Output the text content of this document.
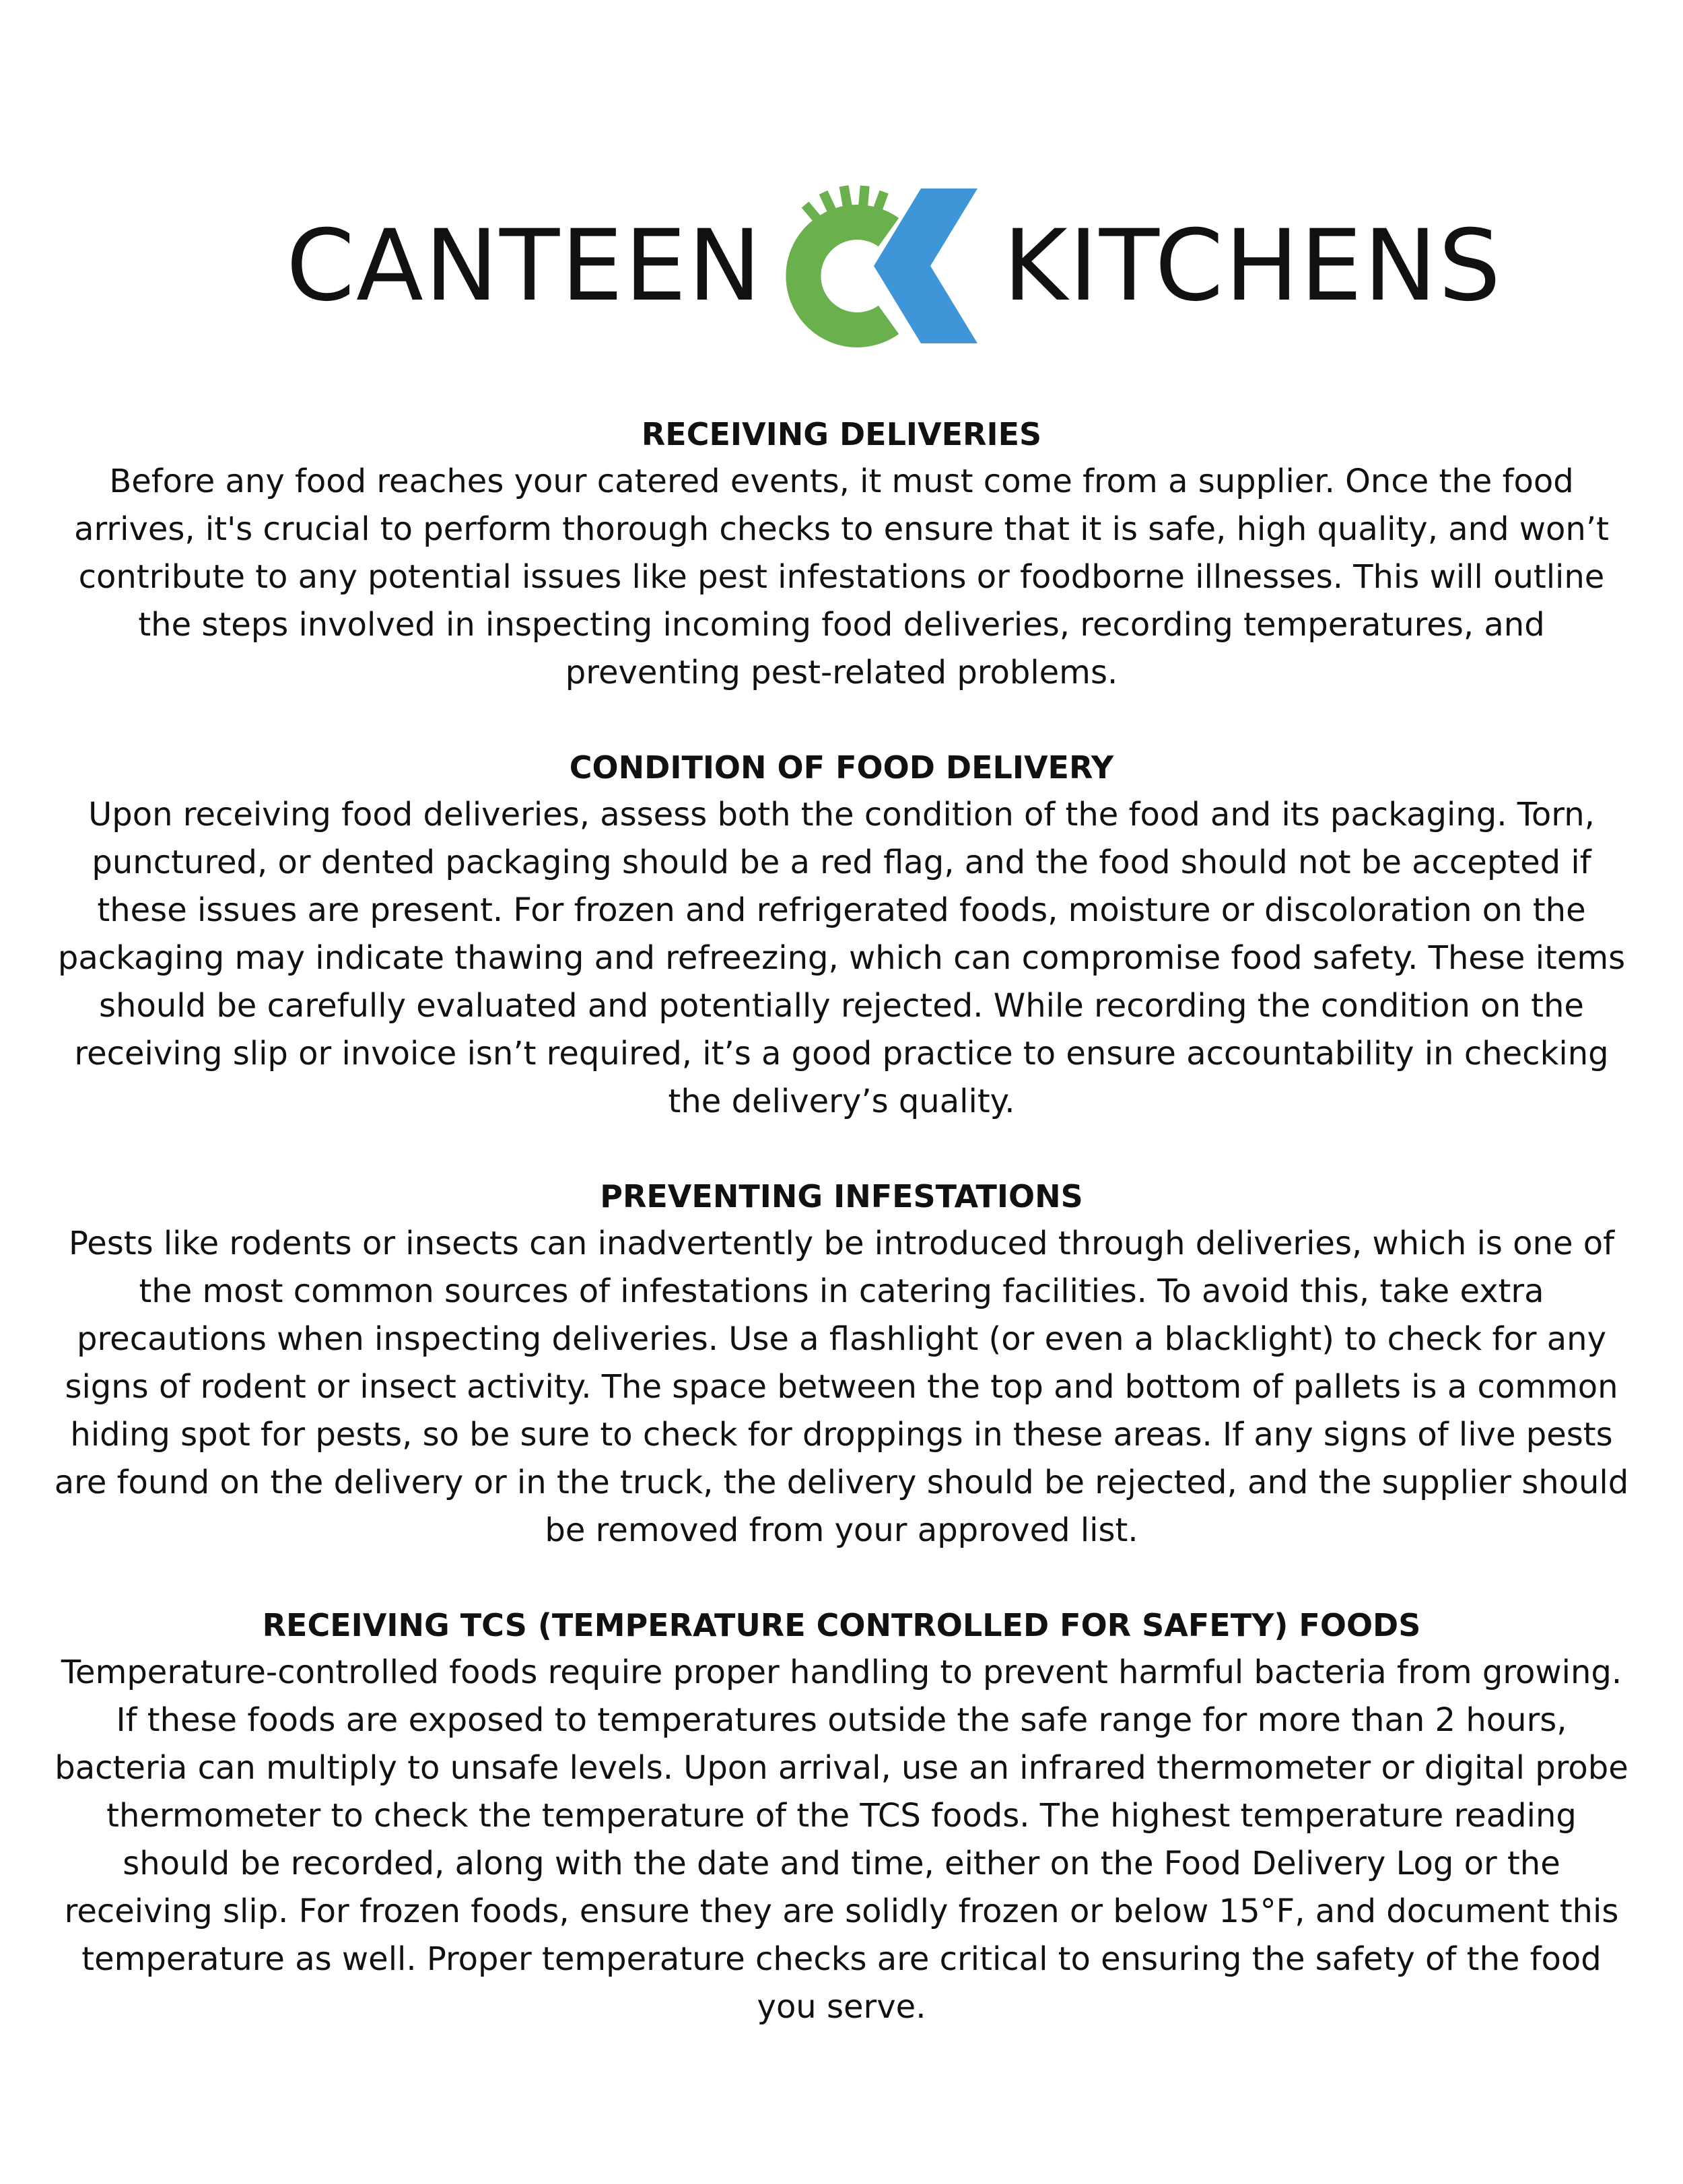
CANTEEN KITCHENS

RECEIVING DELIVERIES

Before any food reaches your catered events, it must come from a supplier. Once the food arrives, it's crucial to perform thorough checks to ensure that it is safe, high quality, and won’t contribute to any potential issues like pest infestations or foodborne illnesses. This will outline the steps involved in inspecting incoming food deliveries, recording temperatures, and preventing pest-related problems.

CONDITION OF FOOD DELIVERY

Upon receiving food deliveries, assess both the condition of the food and its packaging. Torn, punctured, or dented packaging should be a red flag, and the food should not be accepted if these issues are present. For frozen and refrigerated foods, moisture or discoloration on the packaging may indicate thawing and refreezing, which can compromise food safety. These items should be carefully evaluated and potentially rejected. While recording the condition on the receiving slip or invoice isn’t required, it’s a good practice to ensure accountability in checking the delivery’s quality.

PREVENTING INFESTATIONS

Pests like rodents or insects can inadvertently be introduced through deliveries, which is one of the most common sources of infestations in catering facilities. To avoid this, take extra precautions when inspecting deliveries. Use a flashlight (or even a blacklight) to check for any signs of rodent or insect activity. The space between the top and bottom of pallets is a common hiding spot for pests, so be sure to check for droppings in these areas. If any signs of live pests are found on the delivery or in the truck, the delivery should be rejected, and the supplier should be removed from your approved list.

RECEIVING TCS (TEMPERATURE CONTROLLED FOR SAFETY) FOODS

Temperature-controlled foods require proper handling to prevent harmful bacteria from growing. If these foods are exposed to temperatures outside the safe range for more than 2 hours, bacteria can multiply to unsafe levels. Upon arrival, use an infrared thermometer or digital probe thermometer to check the temperature of the TCS foods. The highest temperature reading should be recorded, along with the date and time, either on the Food Delivery Log or the receiving slip. For frozen foods, ensure they are solidly frozen or below 15°F, and document this temperature as well. Proper temperature checks are critical to ensuring the safety of the food you serve.
